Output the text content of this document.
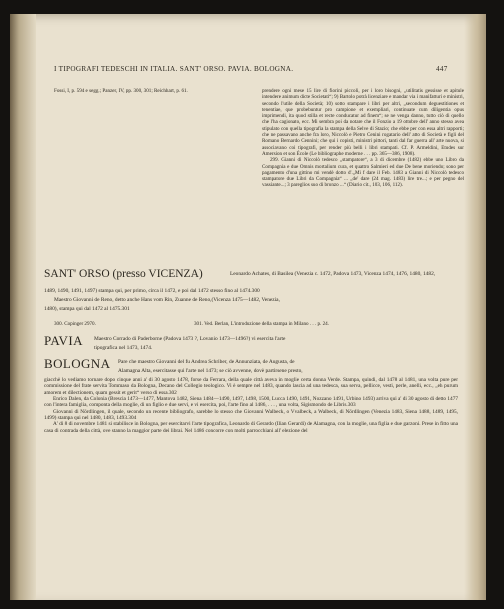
I TIPOGRAFI TEDESCHI IN ITALIA. SANT' ORSO. PAVIA. BOLOGNA.	447

Fossi, I, p. 594 e segg.; Panzer, IV, pp. 300, 301; Reichhart, p. 61.	prendere ogni mese 15 lire di fiorini piccoli, per i loro bisogni, „utilitatis gessisse et apitule intendere animum dicte Societati“; 9) Bartolo potrà licenziare e mandar via i manifatturi e ministri, secondo l'utile della Società; 10) sotto stampare i libri per altri, „secondum deguestitiones et tenentiae, que probebuntur pro campione et exempliari, continuate cum diligentia opus imprimendi, ita quod stilla et recte conducatur ad finem“; se ne venga danno, tutto ciò di quello che l'ha cagionato, ecc. Mi sembra poi da notare che il Fonzio a 19 ottobre dell' anno stesso avea stipulato con quella tipografia la stampa della Selve di Stazio; che ebbe per con essa altri rapporti; che ne passavano anche fra loro, Niccolò e Pietro Cenini rogatario dell' atto di Società e figli del Romano Bernardo Cennini; che qui i copisti, ministri pittori, tanti dal far guerra all' arte nuova, si associavano coi tipografi, per render più belli i libri stampati. Cf. P. Armeldini, Etudes sur Amersion et son École (Le bibliographe moderne . . . pp. 365—386, 1908).

299. Gianni di Niccolò tedesco „stampatore“, a 3 di dicembre (1482) ebbe uno Libro da Compagnia e due Omnis mortalium cura, et quattro Salmieri ed due De bene moriendo; sono per pagamento d'una gittino mi vendè dotto d'.„Mi f dare il Feb. 1483 a Gianni di Niccolò tedesco stampatore due Libri da Compagnia“ ... „de' dare (24 mag. 1483) lire tre...; e per pegno del vassiante...; 3 pareglios suo di bronzo ...“ (Diario cit., 103, 106, 112).

SANT' ORSO (presso VICENZA)	Leonardo Achates, di Basilea (Venezia c. 1472, Padova 1473, Vicenza 1474, 1476, 1480, 1482,
1489, 1490, 1491, 1497) stampa qui, per primo, circa il 1472, e poi dal 1472 stesso fino al 1474.300
Maestro Giovanni de Reno, detto anche Hans vom Rin, Zuanne de Reno,(Vicenza 1475—1482, Venezia,
1480), stampa qui dal 1472 al 1475.301
300. Copinger 2970.	301. Ved. Berlan, L'introduzione della stampa in Milano . . . p. 24.
PAVIA Maestro Corrado di Paderborne (Padova 1473 ?, Lovanio 1473—1496?) vi esercita l'arte
tipografica nel 1473, 1474.
BOLOGNA Pare che maestro Giovanni del fu Andrea Schriber, de Annunziata, de Augusta, de
Alamagna Alta, esercitasse qui l'arte nel 1473; se ciò avvenne, dovè partirsene presto,

giacchè lo vediamo tornare dopo cinque anni a' di 30 agosto 1478, forse da Ferrara, della quale città aveva in moglie certa donna Verde. Stampa, quindi, dal 1478 al 1481, una volta pure per commissione del frate servita Tommaso da Bologna, Decano del Collegio teologico. Vi è sempre nel 1483, quando lascia ad una tedesca, sua serva, pellicce, vesti, perle, anelli, ecc., „eh purum amorem et dilectionem, quam gessit et gerit“ verso di essa.302

Enrico Dalen, da Colonia (Brescia 1473—1477, Mantova 1482, Siena 1484—1490, 1497, 1498, 1500, Lucca 1490, 1491, Nozzano 1491, Urbino 1493) arriva qui a' di 30 agosto di detto 1477 con l'intera famiglia, componta della moglie, di un figlio e due servi, e vi esercita, poi, l'arte fino al 1486, . . . , una volta, Sigismondo de Libris.303

Giovanni di Nördlingen, il quale, secondo un recente bibliografo, sarebbe lo stesso che Giovanni Walbeck, o Vvalbeck, a Walbeck, di Nördlingen (Venezia 1483, Siena 1488, 1489, 1495, 1499) stampa qui nel 1480, 1483, 1493.304

A' di 8 di novembre 1481 si stabilisce in Bologna, per esercitarvi l'arte tipografica, Leonardo di Gerardo (Ilian Gerardi) de Alamagna, con la moglie, una figlia e due garzoni. Prese in fitto una casa di contrada della città, ove stanno la maggior parte dei librai. Nel 1486 concorre con molti parrocchiani all' elezione del
